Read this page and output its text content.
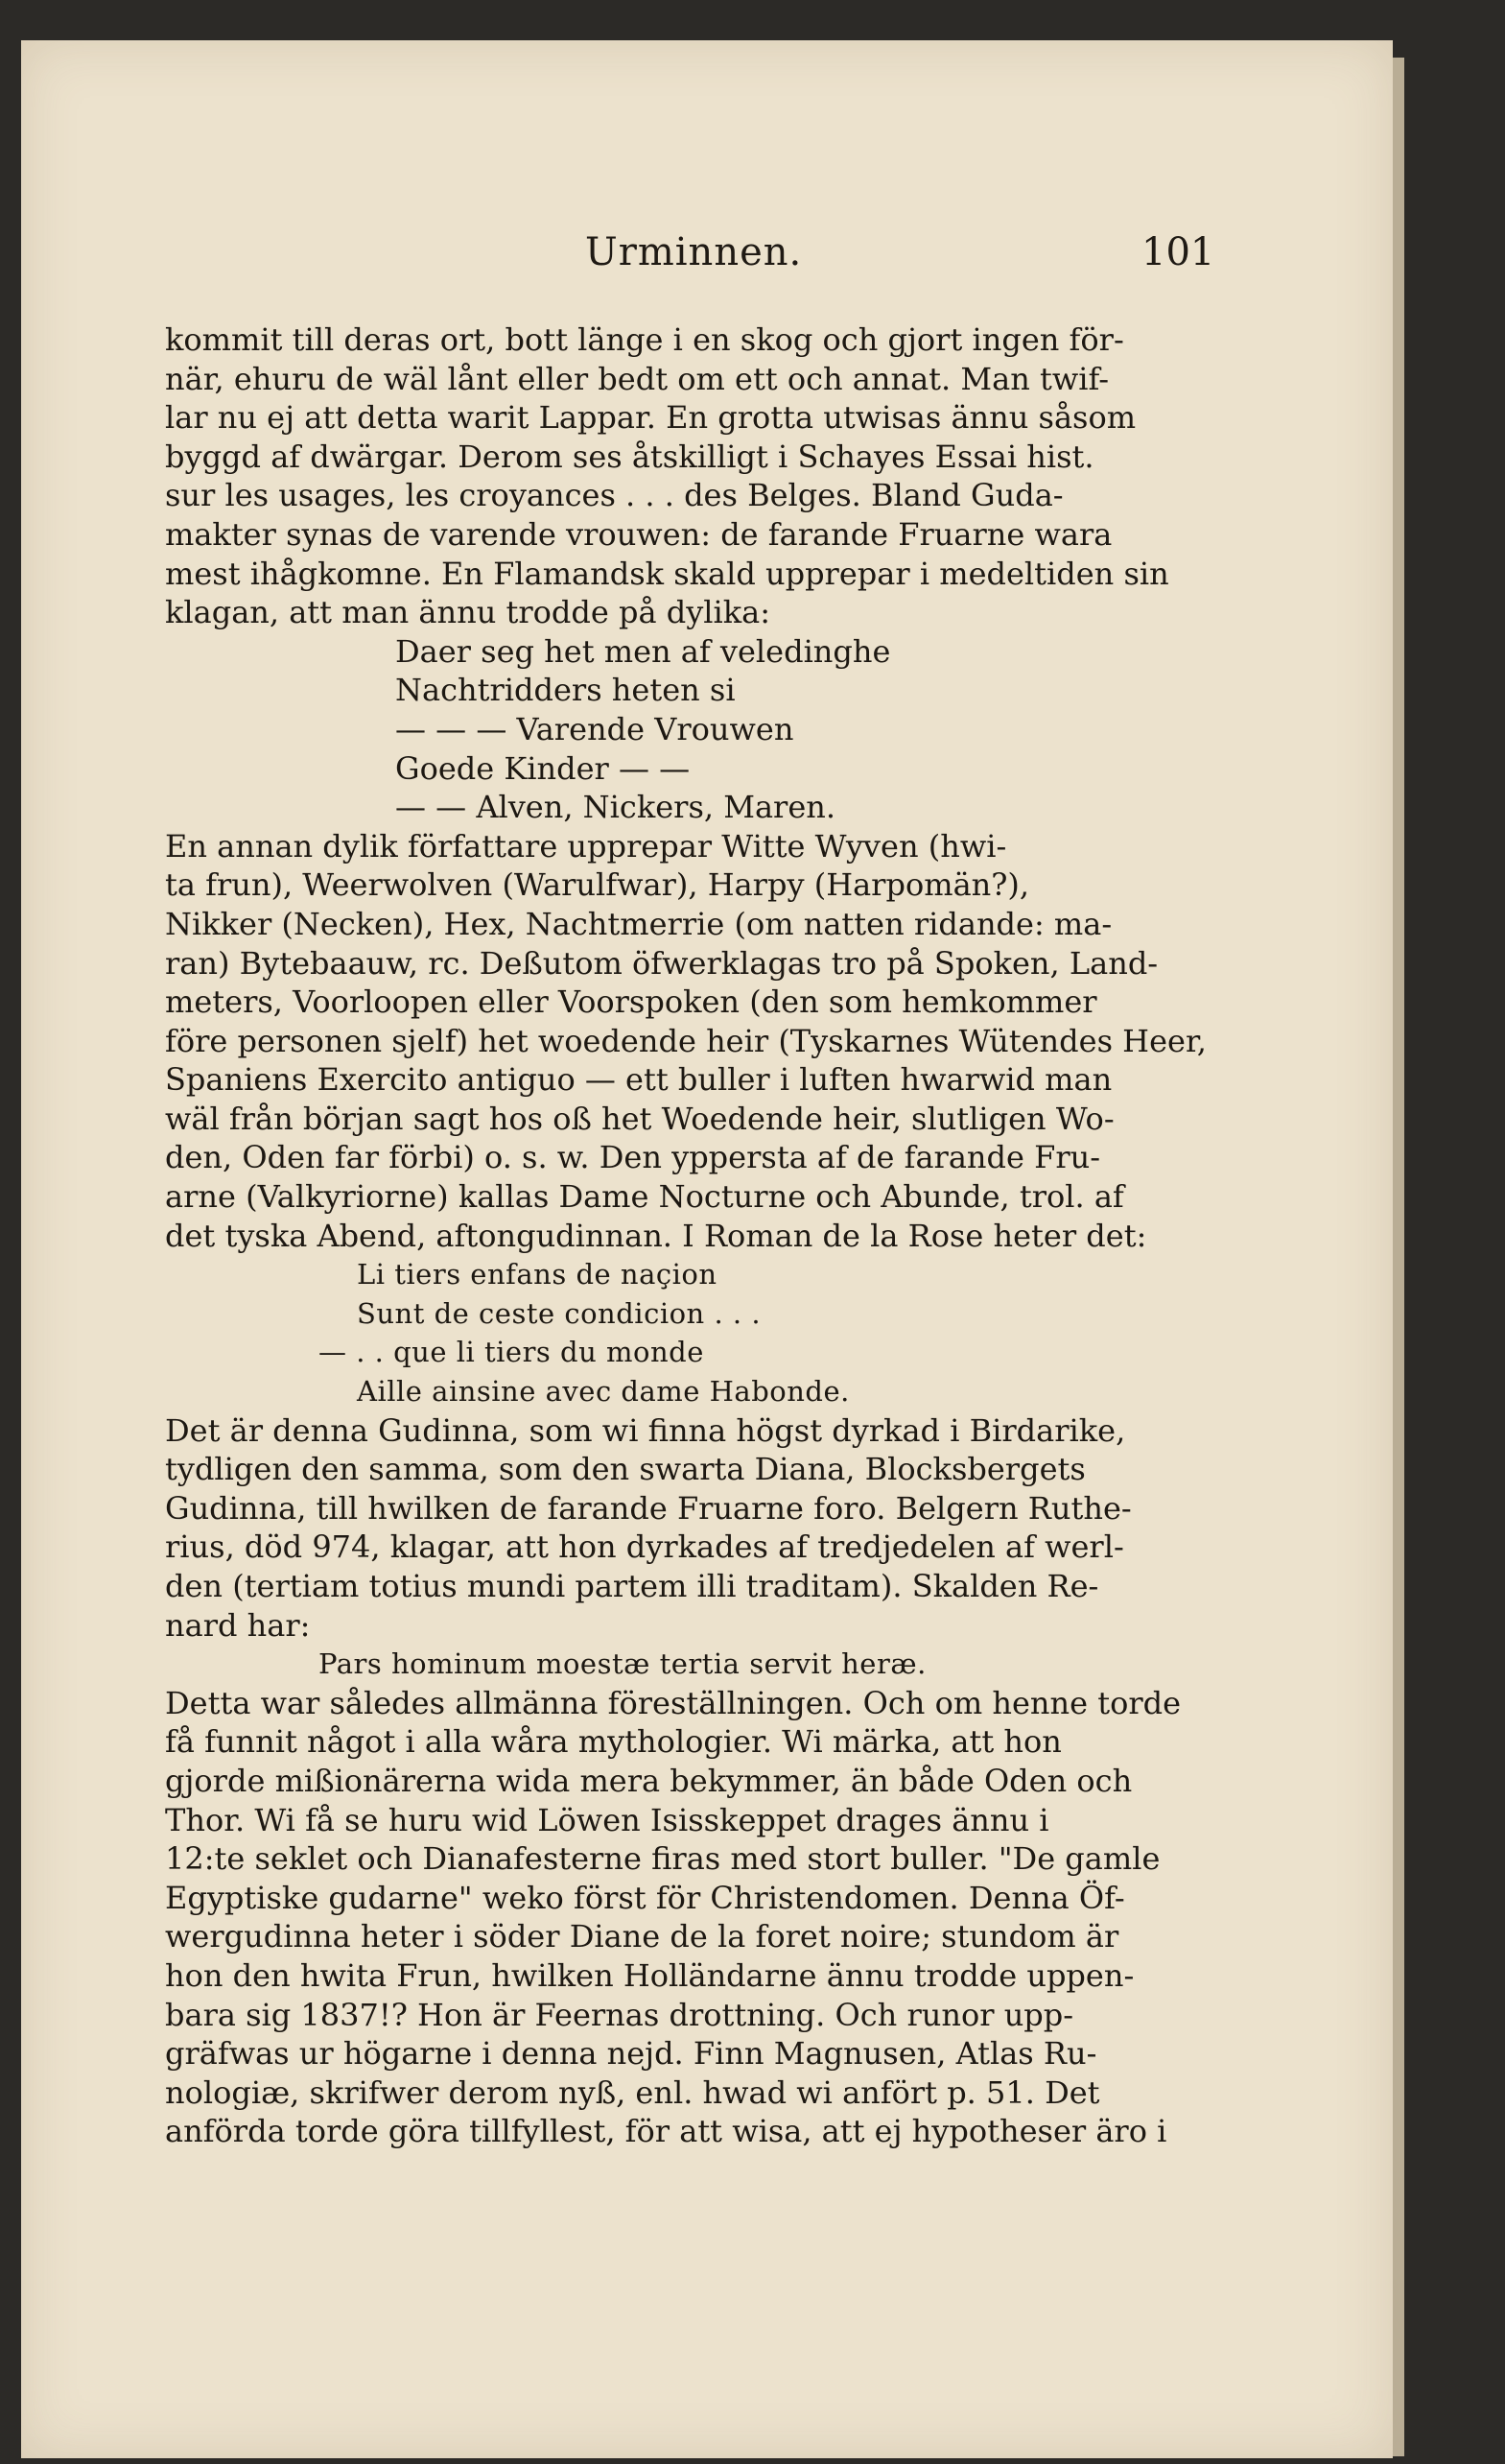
Urminnen.	101
kommit till deras ort, bott länge i en skog och gjort ingen för-
när, ehuru de wäl lånt eller bedt om ett och annat. Man twif-
lar nu ej att detta warit Lappar. En grotta utwisas ännu såsom
byggd af dwärgar. Derom ses åtskilligt i Schayes Essai hist.
sur les usages, les croyances . . . des Belges. Bland Guda-
makter synas de varende vrouwen: de farande Fruarne wara
mest ihågkomne. En Flamandsk skald upprepar i medeltiden sin
klagan, att man ännu trodde på dylika:
Daer seg het men af veledinghe
Nachtridders heten si
— — — Varende Vrouwen
Goede Kinder — —
— — Alven, Nickers, Maren.
En annan dylik författare upprepar Witte Wyven (hwi-
ta frun), Weerwolven (Warulfwar), Harpy (Harpomän?),
Nikker (Necken), Hex, Nachtmerrie (om natten ridande: ma-
ran) Bytebaauw, rc. Deßutom öfwerklagas tro på Spoken, Land-
meters, Voorloopen eller Voorspoken (den som hemkommer
före personen sjelf) het woedende heir (Tyskarnes Wütendes Heer,
Spaniens Exercito antiguo — ett buller i luften hwarwid man
wäl från början sagt hos oß het Woedende heir, slutligen Wo-
den, Oden far förbi) o. s. w. Den yppersta af de farande Fru-
arne (Valkyriorne) kallas Dame Nocturne och Abunde, trol. af
det tyska Abend, aftongudinnan. I Roman de la Rose heter det:
Li tiers enfans de naçion
Sunt de ceste condicion . . .
— . . que li tiers du monde
Aille ainsine avec dame Habonde.
Det är denna Gudinna, som wi finna högst dyrkad i Birdarike,
tydligen den samma, som den swarta Diana, Blocksbergets
Gudinna, till hwilken de farande Fruarne foro. Belgern Ruthe-
rius, död 974, klagar, att hon dyrkades af tredjedelen af werl-
den (tertiam totius mundi partem illi traditam). Skalden Re-
nard har:
Pars hominum moestæ tertia servit heræ.
Detta war således allmänna föreställningen. Och om henne torde
få funnit något i alla wåra mythologier. Wi märka, att hon
gjorde mißionärerna wida mera bekymmer, än både Oden och
Thor. Wi få se huru wid Löwen Isisskeppet drages ännu i
12:te seklet och Dianafesterne firas med stort buller. "De gamle
Egyptiske gudarne" weko först för Christendomen. Denna Öf-
wergudinna heter i söder Diane de la foret noire; stundom är
hon den hwita Frun, hwilken Holländarne ännu trodde uppen-
bara sig 1837!? Hon är Feernas drottning. Och runor upp-
gräfwas ur högarne i denna nejd. Finn Magnusen, Atlas Ru-
nologiæ, skrifwer derom nyß, enl. hwad wi anfört p. 51. Det
anförda torde göra tillfyllest, för att wisa, att ej hypotheser äro i
